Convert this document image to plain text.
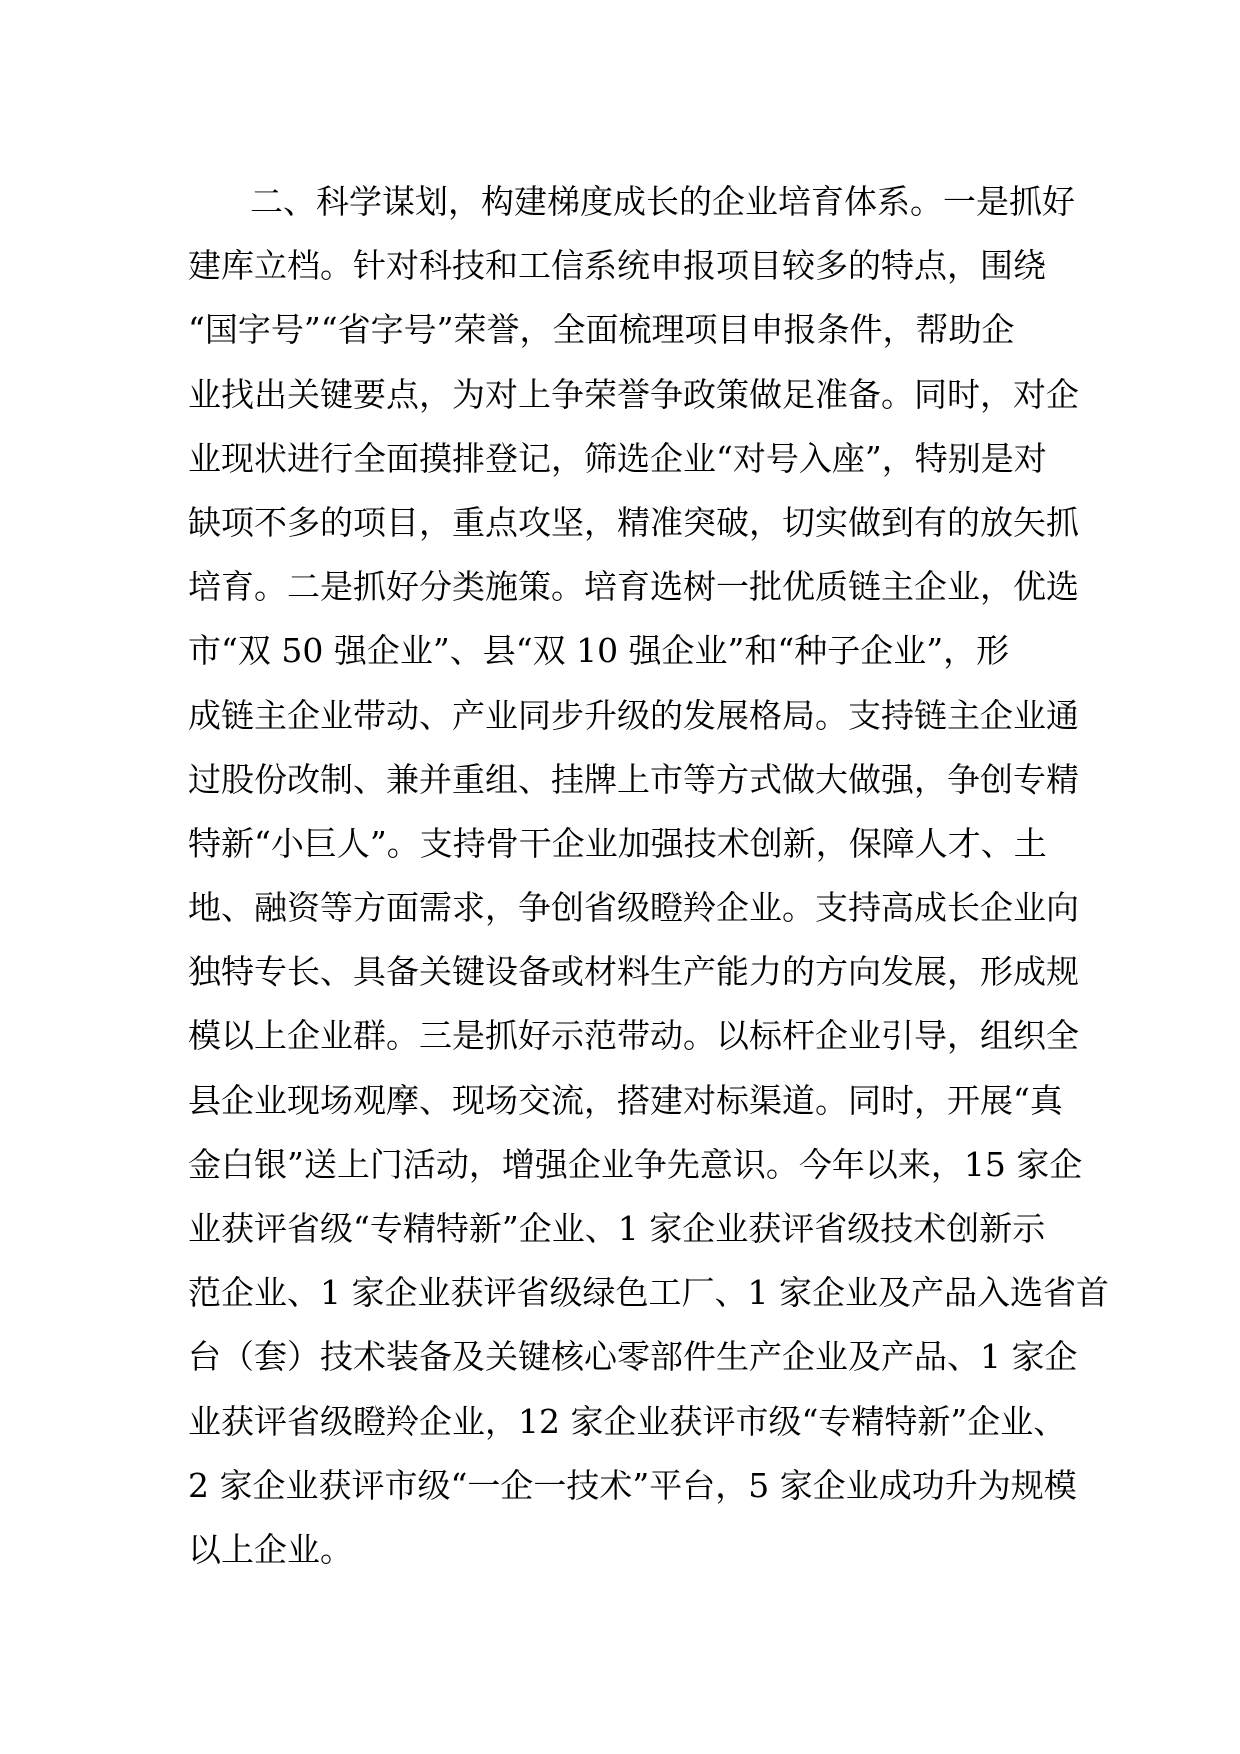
二、科学谋划，构建梯度成长的企业培育体系。一是抓好
建库立档。针对科技和工信系统申报项目较多的特点，围绕
“国字号”“省字号”荣誉，全面梳理项目申报条件，帮助企
业找出关键要点，为对上争荣誉争政策做足准备。同时，对企
业现状进行全面摸排登记，筛选企业“对号入座”，特别是对
缺项不多的项目，重点攻坚，精准突破，切实做到有的放矢抓
培育。二是抓好分类施策。培育选树一批优质链主企业，优选
市“双 50 强企业”、县“双 10 强企业”和“种子企业”，形
成链主企业带动、产业同步升级的发展格局。支持链主企业通
过股份改制、兼并重组、挂牌上市等方式做大做强，争创专精
特新“小巨人”。支持骨干企业加强技术创新，保障人才、土
地、融资等方面需求，争创省级瞪羚企业。支持高成长企业向
独特专长、具备关键设备或材料生产能力的方向发展，形成规
模以上企业群。三是抓好示范带动。以标杆企业引导，组织全
县企业现场观摩、现场交流，搭建对标渠道。同时，开展“真
金白银”送上门活动，增强企业争先意识。今年以来，15 家企
业获评省级“专精特新”企业、1 家企业获评省级技术创新示
范企业、1 家企业获评省级绿色工厂、1 家企业及产品入选省首
台（套）技术装备及关键核心零部件生产企业及产品、1 家企
业获评省级瞪羚企业，12 家企业获评市级“专精特新”企业、
2 家企业获评市级“一企一技术”平台，5 家企业成功升为规模
以上企业。
